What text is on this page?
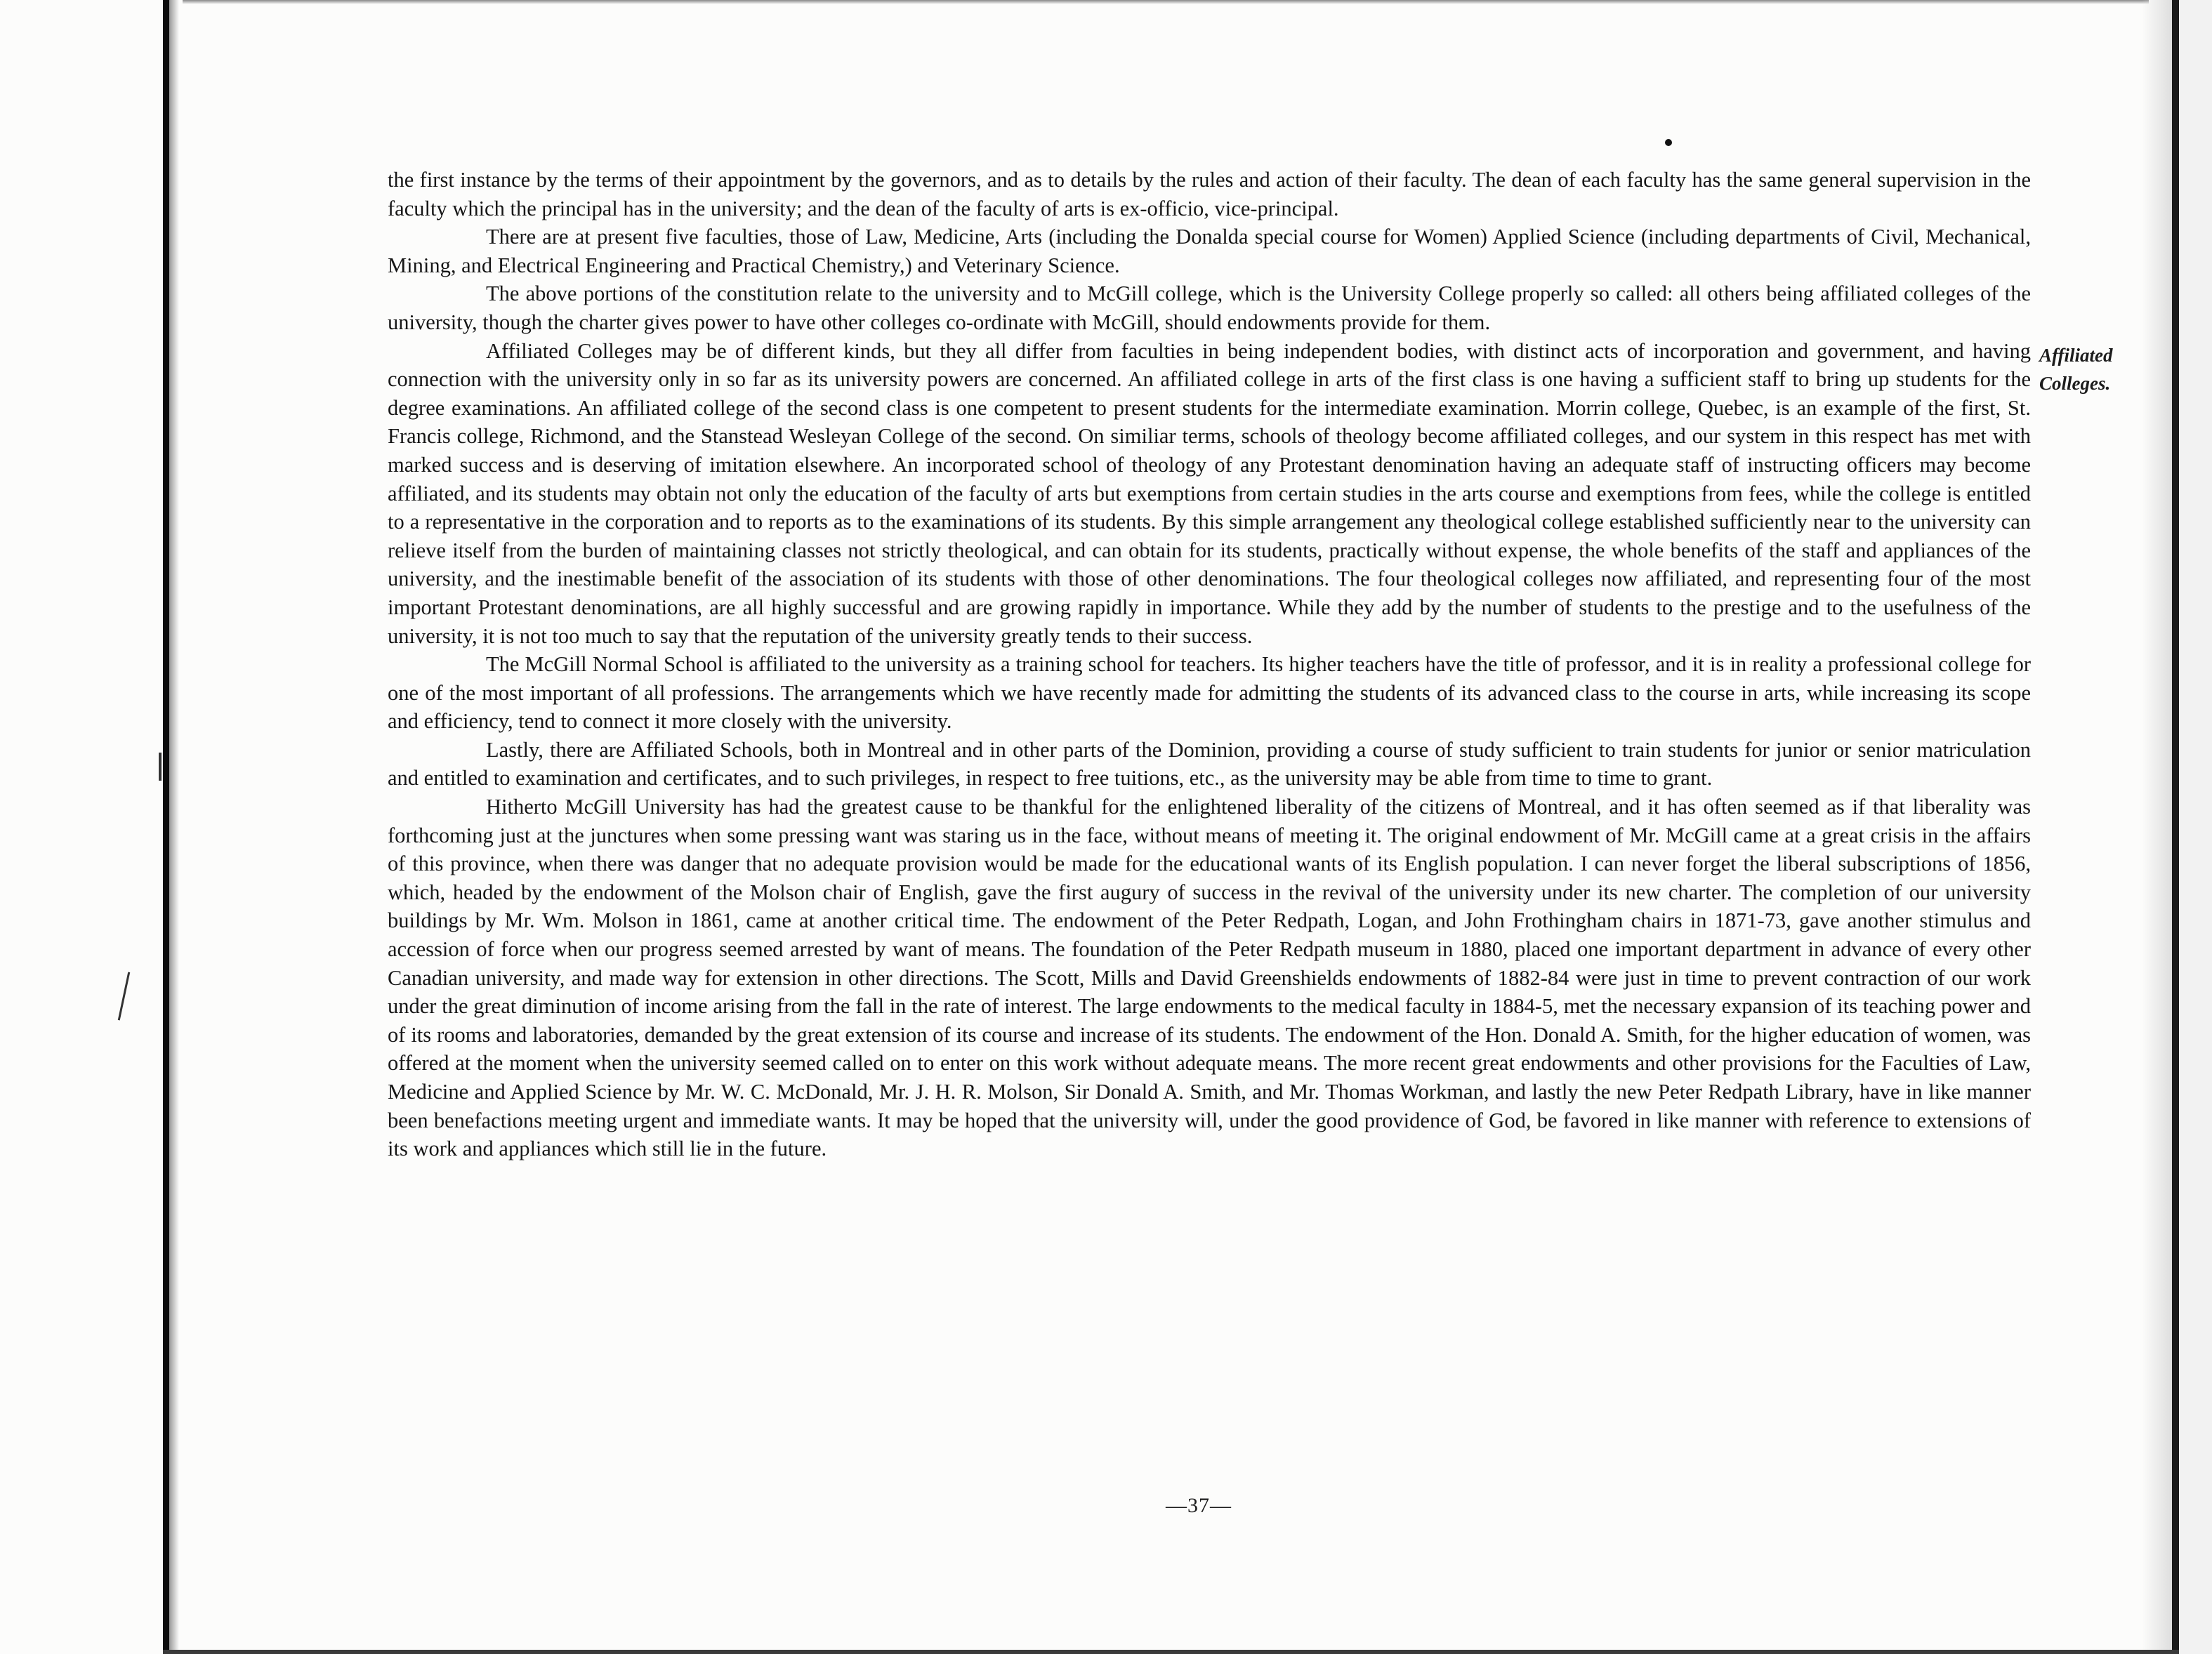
the first instance by the terms of their appointment by the governors, and as to details by the rules and action of their faculty. The dean of each faculty has the same general supervision in the faculty which the principal has in the university; and the dean of the faculty of arts is ex-officio, vice-principal.

There are at present five faculties, those of Law, Medicine, Arts (including the Donalda special course for Women) Applied Science (including departments of Civil, Mechanical, Mining, and Electrical Engineering and Practical Chemistry,) and Veterinary Science.

The above portions of the constitution relate to the university and to McGill college, which is the University College properly so called: all others being affiliated colleges of the university, though the charter gives power to have other colleges co-ordinate with McGill, should endowments provide for them.

Affiliated Colleges may be of different kinds, but they all differ from faculties in being independent bodies, with distinct acts of incorporation and government, and having connection with the university only in so far as its university powers are concerned. An affiliated college in arts of the first class is one having a sufficient staff to bring up students for the degree examinations. An affiliated college of the second class is one competent to present students for the intermediate examination. Morrin college, Quebec, is an example of the first, St. Francis college, Richmond, and the Stanstead Wesleyan College of the second. On similiar terms, schools of theology become affiliated colleges, and our system in this respect has met with marked success and is deserving of imitation elsewhere. An incorporated school of theology of any Protestant denomination having an adequate staff of instructing officers may become affiliated, and its students may obtain not only the education of the faculty of arts but exemptions from certain studies in the arts course and exemptions from fees, while the college is entitled to a representative in the corporation and to reports as to the examinations of its students. By this simple arrangement any theological college established sufficiently near to the university can relieve itself from the burden of maintaining classes not strictly theological, and can obtain for its students, practically without expense, the whole benefits of the staff and appliances of the university, and the inestimable benefit of the association of its students with those of other denominations. The four theological colleges now affiliated, and representing four of the most important Protestant denominations, are all highly successful and are growing rapidly in importance. While they add by the number of students to the prestige and to the usefulness of the university, it is not too much to say that the reputation of the university greatly tends to their success.

The McGill Normal School is affiliated to the university as a training school for teachers. Its higher teachers have the title of professor, and it is in reality a professional college for one of the most important of all professions. The arrangements which we have recently made for admitting the students of its advanced class to the course in arts, while increasing its scope and efficiency, tend to connect it more closely with the university.

Lastly, there are Affiliated Schools, both in Montreal and in other parts of the Dominion, providing a course of study sufficient to train students for junior or senior matriculation and entitled to examination and certificates, and to such privileges, in respect to free tuitions, etc., as the university may be able from time to time to grant.

Hitherto McGill University has had the greatest cause to be thankful for the enlightened liberality of the citizens of Montreal, and it has often seemed as if that liberality was forthcoming just at the junctures when some pressing want was staring us in the face, without means of meeting it. The original endowment of Mr. McGill came at a great crisis in the affairs of this province, when there was danger that no adequate provision would be made for the educational wants of its English population. I can never forget the liberal subscriptions of 1856, which, headed by the endowment of the Molson chair of English, gave the first augury of success in the revival of the university under its new charter. The completion of our university buildings by Mr. Wm. Molson in 1861, came at another critical time. The endowment of the Peter Redpath, Logan, and John Frothingham chairs in 1871-73, gave another stimulus and accession of force when our progress seemed arrested by want of means. The foundation of the Peter Redpath museum in 1880, placed one important department in advance of every other Canadian university, and made way for extension in other directions. The Scott, Mills and David Greenshields endowments of 1882-84 were just in time to prevent contraction of our work under the great diminution of income arising from the fall in the rate of interest. The large endowments to the medical faculty in 1884-5, met the necessary expansion of its teaching power and of its rooms and laboratories, demanded by the great extension of its course and increase of its students. The endowment of the Hon. Donald A. Smith, for the higher education of women, was offered at the moment when the university seemed called on to enter on this work without adequate means. The more recent great endowments and other provisions for the Faculties of Law, Medicine and Applied Science by Mr. W. C. McDonald, Mr. J. H. R. Molson, Sir Donald A. Smith, and Mr. Thomas Workman, and lastly the new Peter Redpath Library, have in like manner been benefactions meeting urgent and immediate wants. It may be hoped that the university will, under the good providence of God, be favored in like manner with reference to extensions of its work and appliances which still lie in the future.

Affiliated
Colleges.
—37—
